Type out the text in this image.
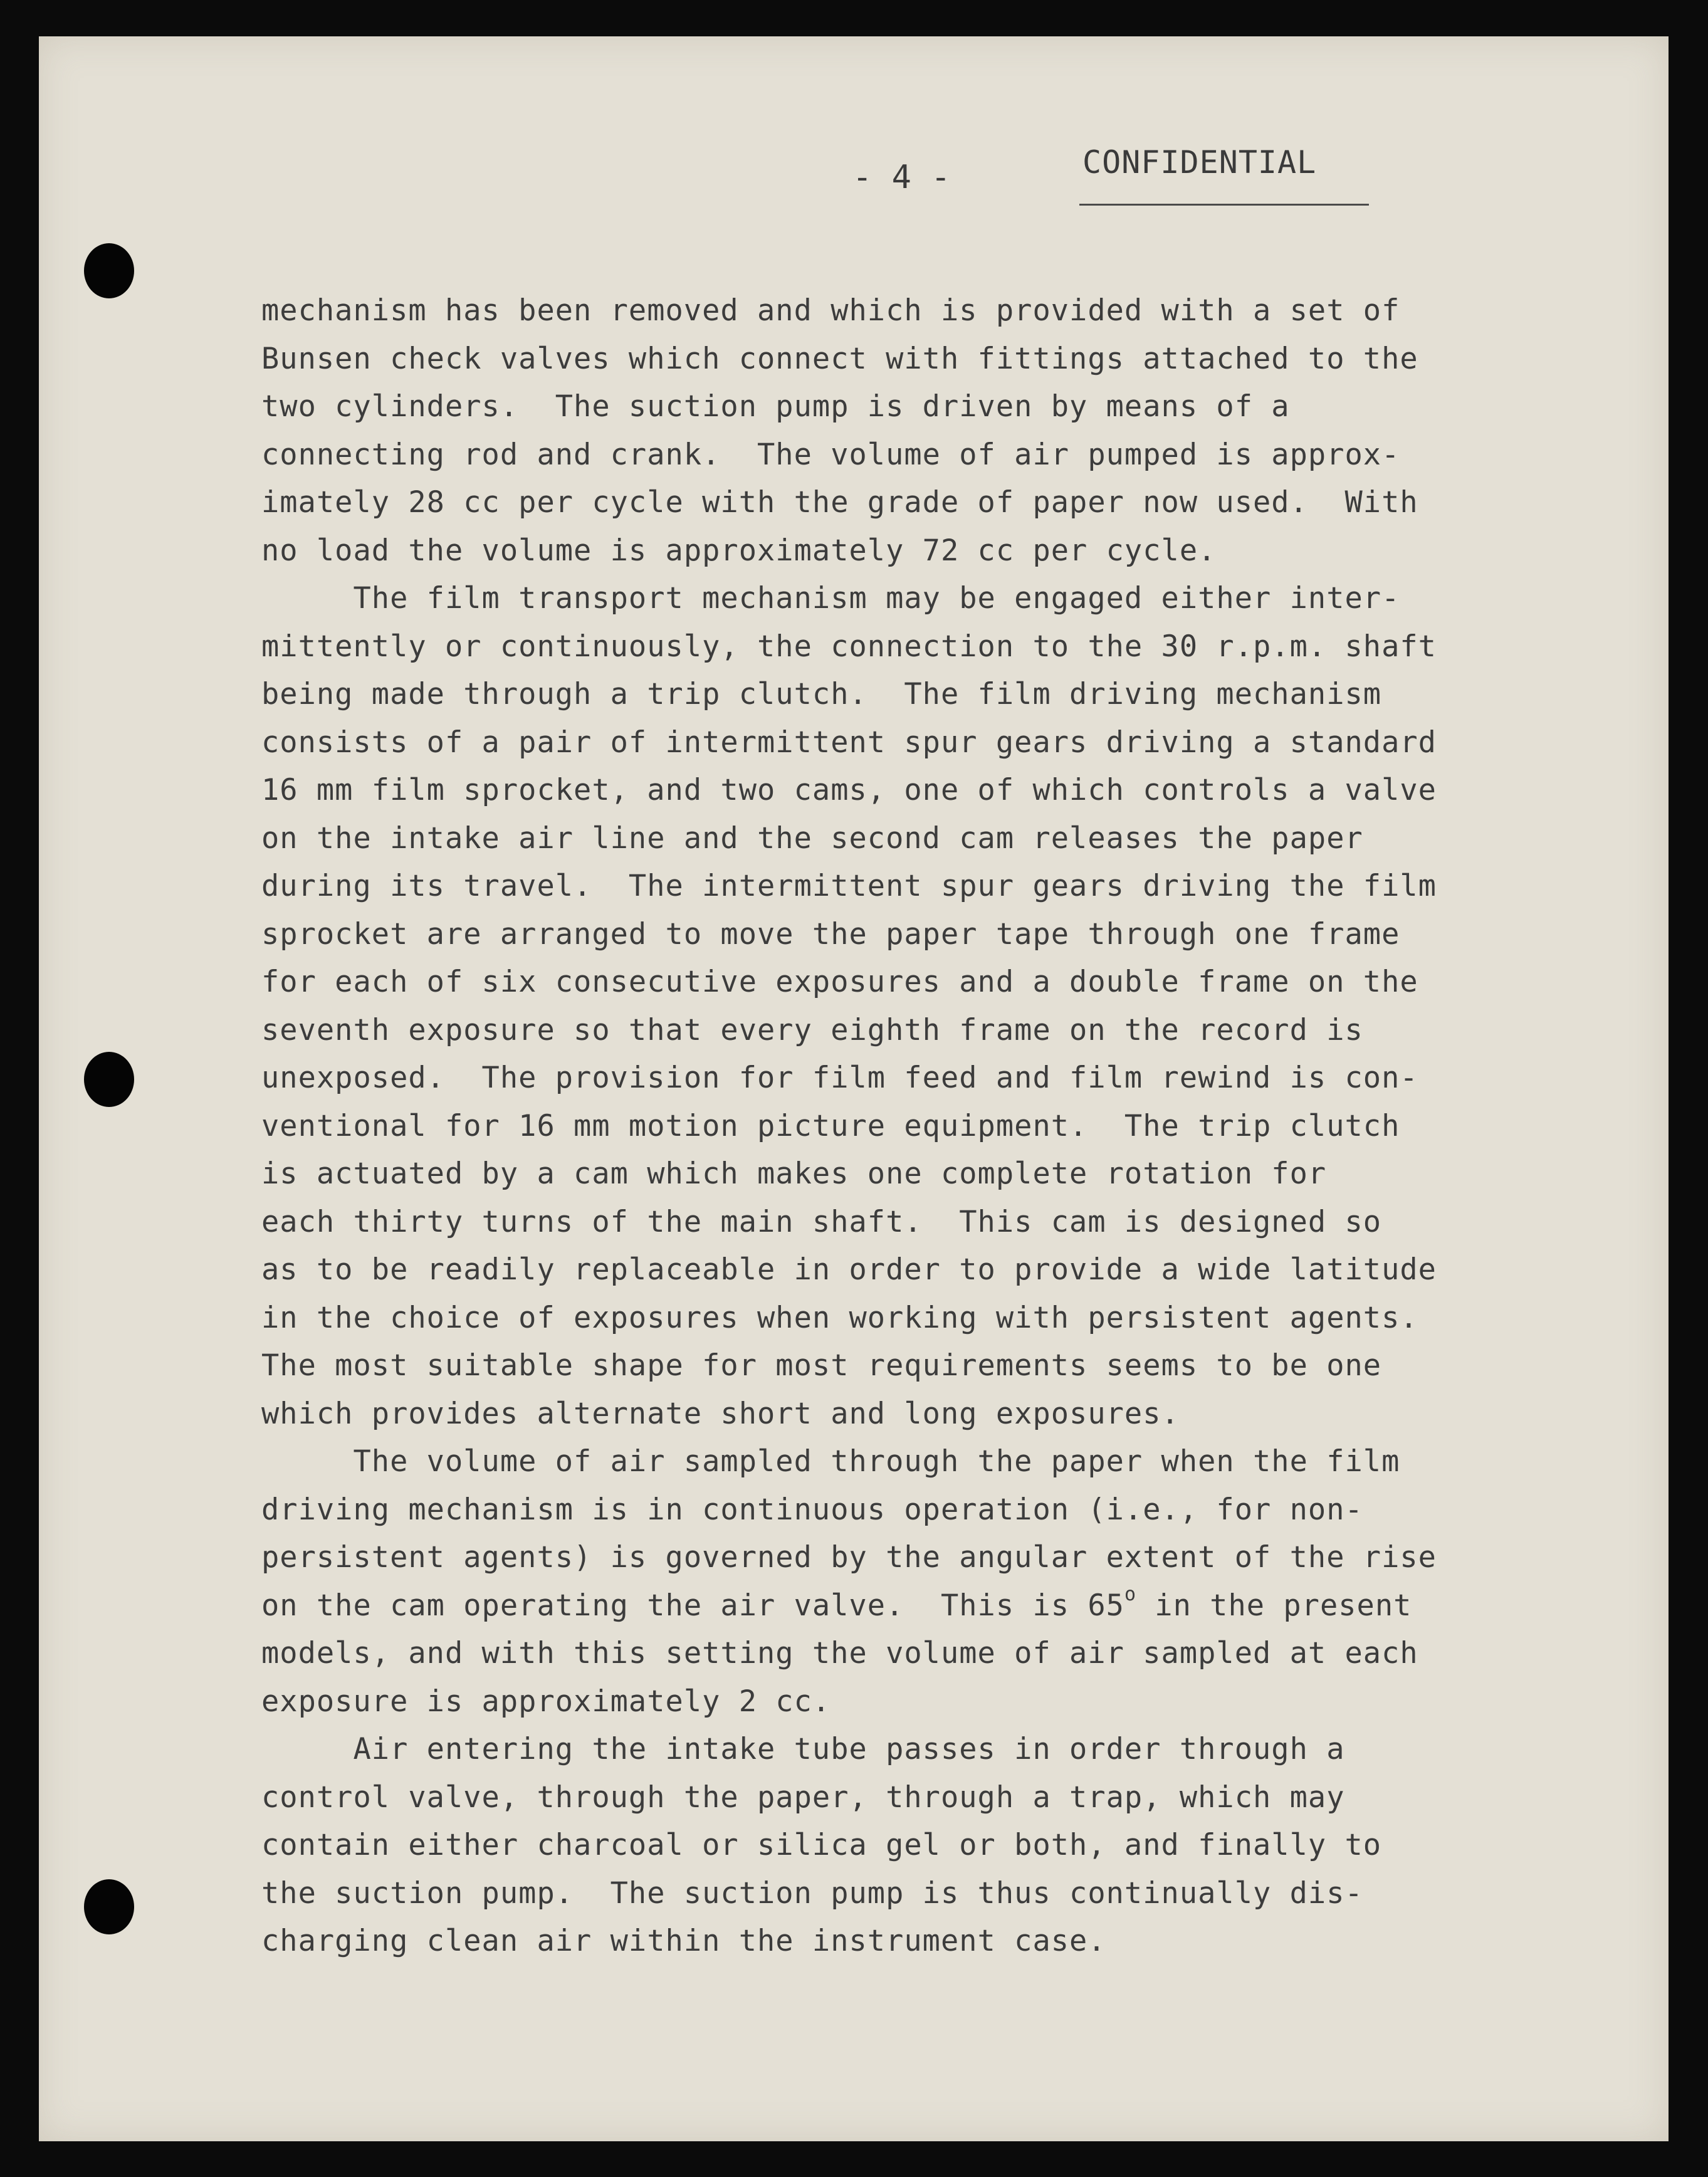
- 4 -	CONFIDENTIAL
mechanism has been removed and which is provided with a set of
Bunsen check valves which connect with fittings attached to the
two cylinders.  The suction pump is driven by means of a
connecting rod and crank.  The volume of air pumped is approx-
imately 28 cc per cycle with the grade of paper now used.  With
no load the volume is approximately 72 cc per cycle.
The film transport mechanism may be engaged either inter-
mittently or continuously, the connection to the 30 r.p.m. shaft
being made through a trip clutch.  The film driving mechanism
consists of a pair of intermittent spur gears driving a standard
16 mm film sprocket, and two cams, one of which controls a valve
on the intake air line and the second cam releases the paper
during its travel.  The intermittent spur gears driving the film
sprocket are arranged to move the paper tape through one frame
for each of six consecutive exposures and a double frame on the
seventh exposure so that every eighth frame on the record is
unexposed.  The provision for film feed and film rewind is con-
ventional for 16 mm motion picture equipment.  The trip clutch
is actuated by a cam which makes one complete rotation for
each thirty turns of the main shaft.  This cam is designed so
as to be readily replaceable in order to provide a wide latitude
in the choice of exposures when working with persistent agents.
The most suitable shape for most requirements seems to be one
which provides alternate short and long exposures.
The volume of air sampled through the paper when the film
driving mechanism is in continuous operation (i.e., for non-
persistent agents) is governed by the angular extent of the rise
on the cam operating the air valve.  This is 65$^o$ in the present
models, and with this setting the volume of air sampled at each
exposure is approximately 2 cc.
Air entering the intake tube passes in order through a
control valve, through the paper, through a trap, which may
contain either charcoal or silica gel or both, and finally to
the suction pump.  The suction pump is thus continually dis-
charging clean air within the instrument case.
